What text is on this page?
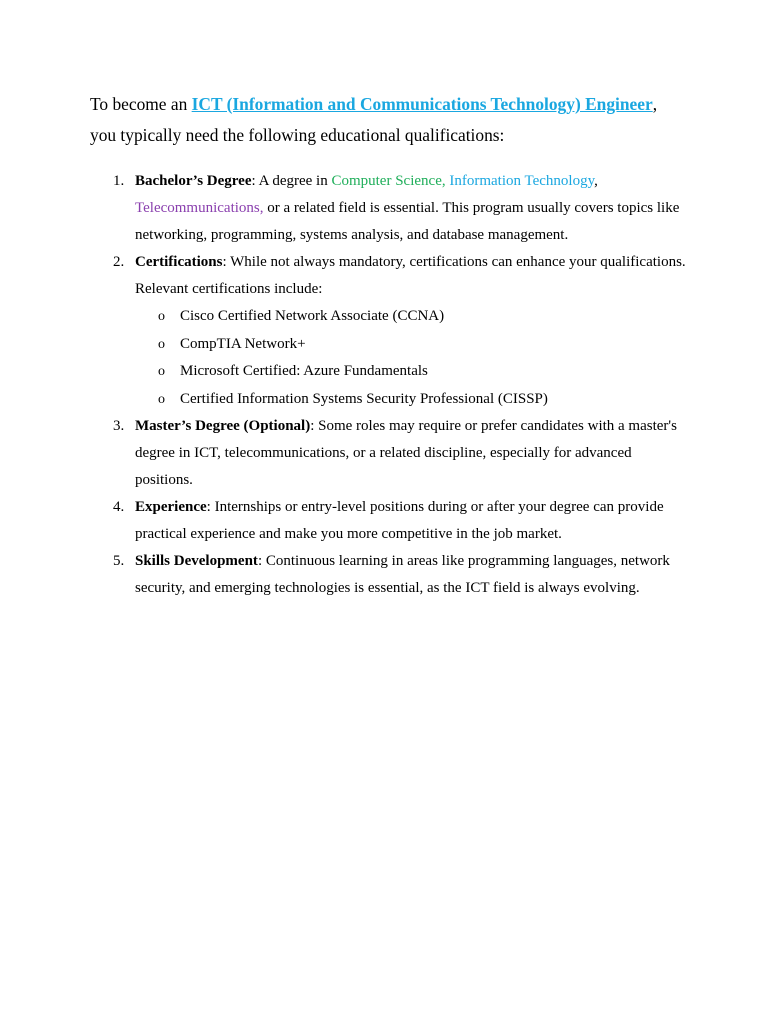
To become an ICT (Information and Communications Technology) Engineer,
you typically need the following educational qualifications:

1. Bachelor’s Degree: A degree in Computer Science, Information Technology,
Telecommunications, or a related field is essential. This program usually covers topics like networking, programming, systems analysis, and database management.
2. Certifications: While not always mandatory, certifications can enhance your qualifications. Relevant certifications include:
o Cisco Certified Network Associate (CCNA)
o CompTIA Network+
o Microsoft Certified: Azure Fundamentals
o Certified Information Systems Security Professional (CISSP)
3. Master’s Degree (Optional): Some roles may require or prefer candidates with a master's degree in ICT, telecommunications, or a related discipline, especially for advanced positions.
4. Experience: Internships or entry-level positions during or after your degree can provide practical experience and make you more competitive in the job market.
5. Skills Development: Continuous learning in areas like programming languages, network security, and emerging technologies is essential, as the ICT field is always evolving.
